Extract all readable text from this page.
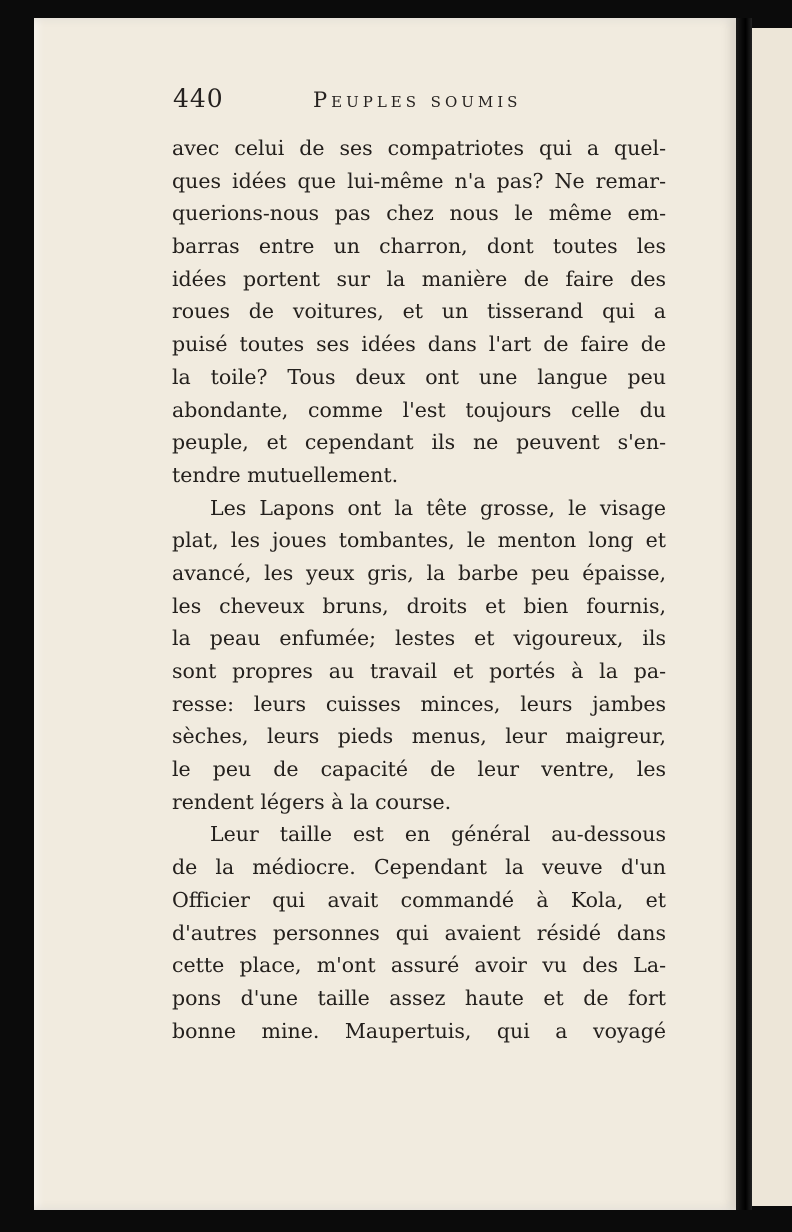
440	Peuples soumis
avec celui de ses compatriotes qui a quel-
ques idées que lui-même n'a pas? Ne remar-
querions-nous pas chez nous le même em-
barras entre un charron, dont toutes les
idées portent sur la manière de faire des
roues de voitures, et un tisserand qui a
puisé toutes ses idées dans l'art de faire de
la toile? Tous deux ont une langue peu
abondante, comme l'est toujours celle du
peuple, et cependant ils ne peuvent s'en-
tendre mutuellement.
Les Lapons ont la tête grosse, le visage
plat, les joues tombantes, le menton long et
avancé, les yeux gris, la barbe peu épaisse,
les cheveux bruns, droits et bien fournis,
la peau enfumée; lestes et vigoureux, ils
sont propres au travail et portés à la pa-
resse: leurs cuisses minces, leurs jambes
sèches, leurs pieds menus, leur maigreur,
le peu de capacité de leur ventre, les
rendent légers à la course.
Leur taille est en général au-dessous
de la médiocre. Cependant la veuve d'un
Officier qui avait commandé à Kola, et
d'autres personnes qui avaient résidé dans
cette place, m'ont assuré avoir vu des La-
pons d'une taille assez haute et de fort
bonne mine. Maupertuis, qui a voyagé
